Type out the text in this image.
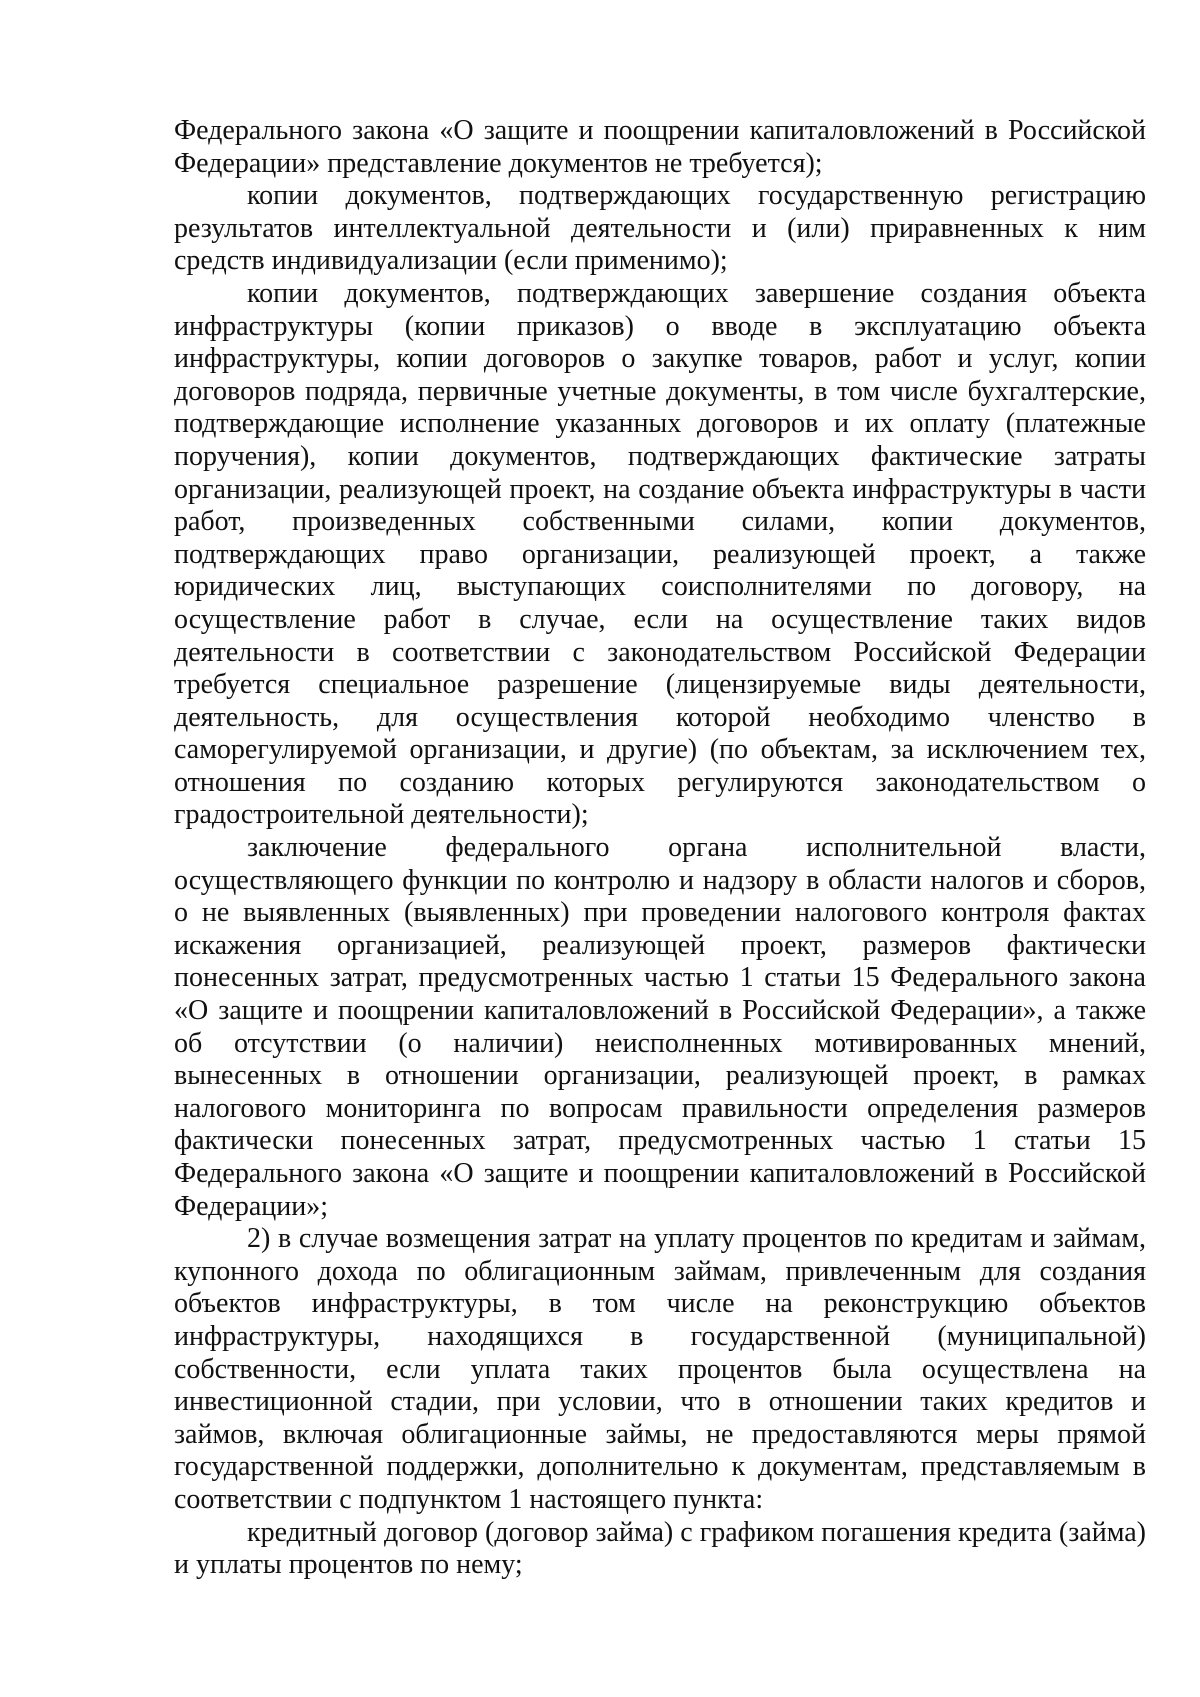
Федерального закона «О защите и поощрении капиталовложений в Российской Федерации» представление документов не требуется);

копии документов, подтверждающих государственную регистрацию результатов интеллектуальной деятельности и (или) приравненных к ним средств индивидуализации (если применимо);

копии документов, подтверждающих завершение создания объекта инфраструктуры (копии приказов) о вводе в эксплуатацию объекта инфраструктуры, копии договоров о закупке товаров, работ и услуг, копии договоров подряда, первичные учетные документы, в том числе бухгалтерские, подтверждающие исполнение указанных договоров и их оплату (платежные поручения), копии документов, подтверждающих фактические затраты организации, реализующей проект, на создание объекта инфраструктуры в части работ, произведенных собственными силами, копии документов, подтверждающих право организации, реализующей проект, а также юридических лиц, выступающих соисполнителями по договору, на осуществление работ в случае, если на осуществление таких видов деятельности в соответствии с законодательством Российской Федерации требуется специальное разрешение (лицензируемые виды деятельности, деятельность, для осуществления которой необходимо членство в саморегулируемой организации, и другие) (по объектам, за исключением тех, отношения по созданию которых регулируются законодательством о градостроительной деятельности);

заключение федерального органа исполнительной власти, осуществляющего функции по контролю и надзору в области налогов и сборов, о не выявленных (выявленных) при проведении налогового контроля фактах искажения организацией, реализующей проект, размеров фактически понесенных затрат, предусмотренных частью 1 статьи 15 Федерального закона «О защите и поощрении капиталовложений в Российской Федерации», а также об отсутствии (о наличии) неисполненных мотивированных мнений, вынесенных в отношении организации, реализующей проект, в рамках налогового мониторинга по вопросам правильности определения размеров фактически понесенных затрат, предусмотренных частью 1 статьи 15 Федерального закона «О защите и поощрении капиталовложений в Российской Федерации»;

2) в случае возмещения затрат на уплату процентов по кредитам и займам, купонного дохода по облигационным займам, привлеченным для создания объектов инфраструктуры, в том числе на реконструкцию объектов инфраструктуры, находящихся в государственной (муниципальной) собственности, если уплата таких процентов была осуществлена на инвестиционной стадии, при условии, что в отношении таких кредитов и займов, включая облигационные займы, не предоставляются меры прямой государственной поддержки, дополнительно к документам, представляемым в соответствии с подпунктом 1 настоящего пункта:

кредитный договор (договор займа) с графиком погашения кредита (займа) и уплаты процентов по нему;
